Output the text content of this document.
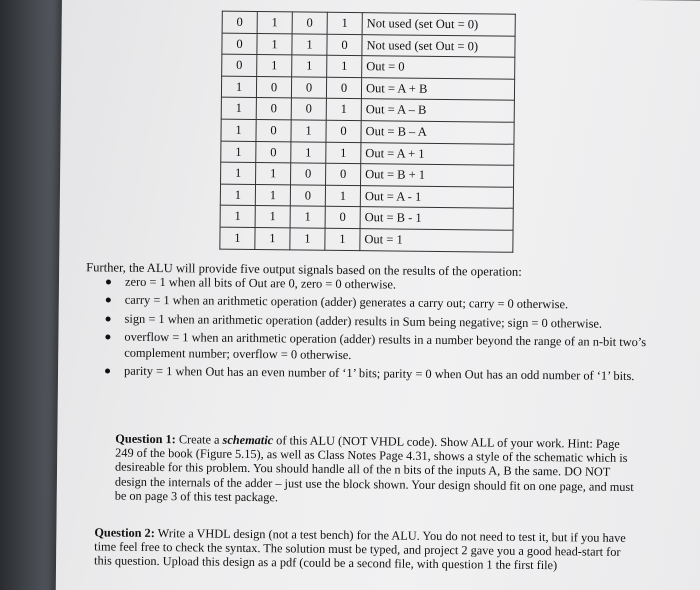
0	1	0	1	Not used (set Out = 0)
0	1	1	0	Not used (set Out = 0)
0	1	1	1	Out = 0
1	0	0	0	Out = A + B
1	0	0	1	Out = A – B
1	0	1	0	Out = B – A
1	0	1	1	Out = A + 1
1	1	0	0	Out = B + 1
1	1	0	1	Out = A - 1
1	1	1	0	Out = B - 1
1	1	1	1	Out = 1
Further, the ALU will provide five output signals based on the results of the operation:
zero = 1 when all bits of Out are 0, zero = 0 otherwise.
carry = 1 when an arithmetic operation (adder) generates a carry out; carry = 0 otherwise.
sign = 1 when an arithmetic operation (adder) results in Sum being negative; sign = 0 otherwise.
overflow = 1 when an arithmetic operation (adder) results in a number beyond the range of an n-bit two’s complement number; overflow = 0 otherwise.
parity = 1 when Out has an even number of ‘1’ bits; parity = 0 when Out has an odd number of ‘1’ bits.
Question 1: Create a schematic of this ALU (NOT VHDL code). Show ALL of your work. Hint: Page 249 of the book (Figure 5.15), as well as Class Notes Page 4.31, shows a style of the schematic which is desireable for this problem. You should handle all of the n bits of the inputs A, B the same. DO NOT design the internals of the adder – just use the block shown. Your design should fit on one page, and must be on page 3 of this test package.
Question 2: Write a VHDL design (not a test bench) for the ALU. You do not need to test it, but if you have time feel free to check the syntax. The solution must be typed, and project 2 gave you a good head-start for this question. Upload this design as a pdf (could be a second file, with question 1 the first file)
